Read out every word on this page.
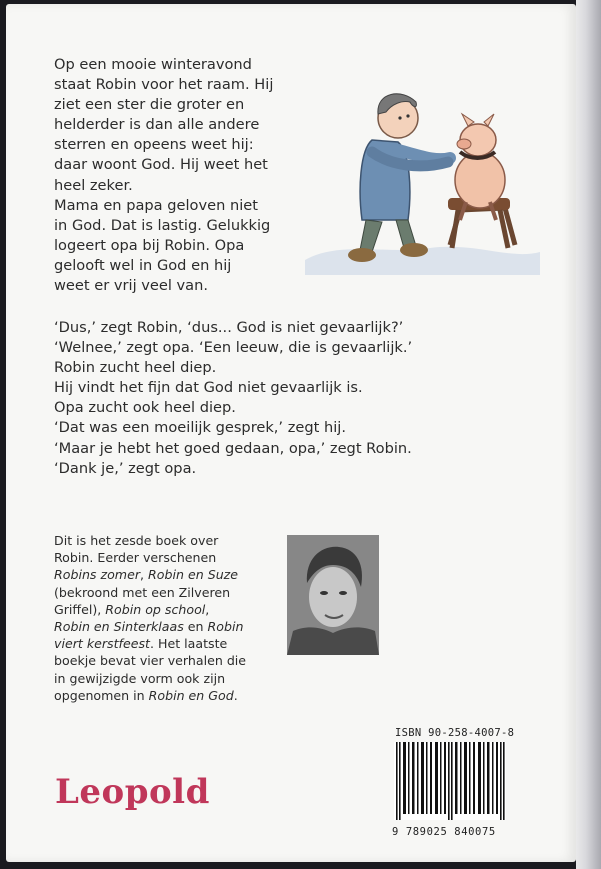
Op een mooie winteravond
staat Robin voor het raam. Hij
ziet een ster die groter en
helderder is dan alle andere
sterren en opeens weet hij:
daar woont God. Hij weet het
heel zeker.
Mama en papa geloven niet
in God. Dat is lastig. Gelukkig
logeert opa bij Robin. Opa
gelooft wel in God en hij
weet er vrij veel van.
‘Dus,’ zegt Robin, ‘dus... God is niet gevaarlijk?’
‘Welnee,’ zegt opa. ‘Een leeuw, die is gevaarlijk.’
Robin zucht heel diep.
Hij vindt het fijn dat God niet gevaarlijk is.
Opa zucht ook heel diep.
‘Dat was een moeilijk gesprek,’ zegt hij.
‘Maar je hebt het goed gedaan, opa,’ zegt Robin.
‘Dank je,’ zegt opa.
Dit is het zesde boek over
Robin. Eerder verschenen
Robins zomer, Robin en Suze
(bekroond met een Zilveren
Griffel), Robin op school,
Robin en Sinterklaas en Robin
viert kerstfeest. Het laatste
boekje bevat vier verhalen die
in gewijzigde vorm ook zijn
opgenomen in Robin en God.
ISBN 90-258-4007-8
9 789025 840075
Leopold
